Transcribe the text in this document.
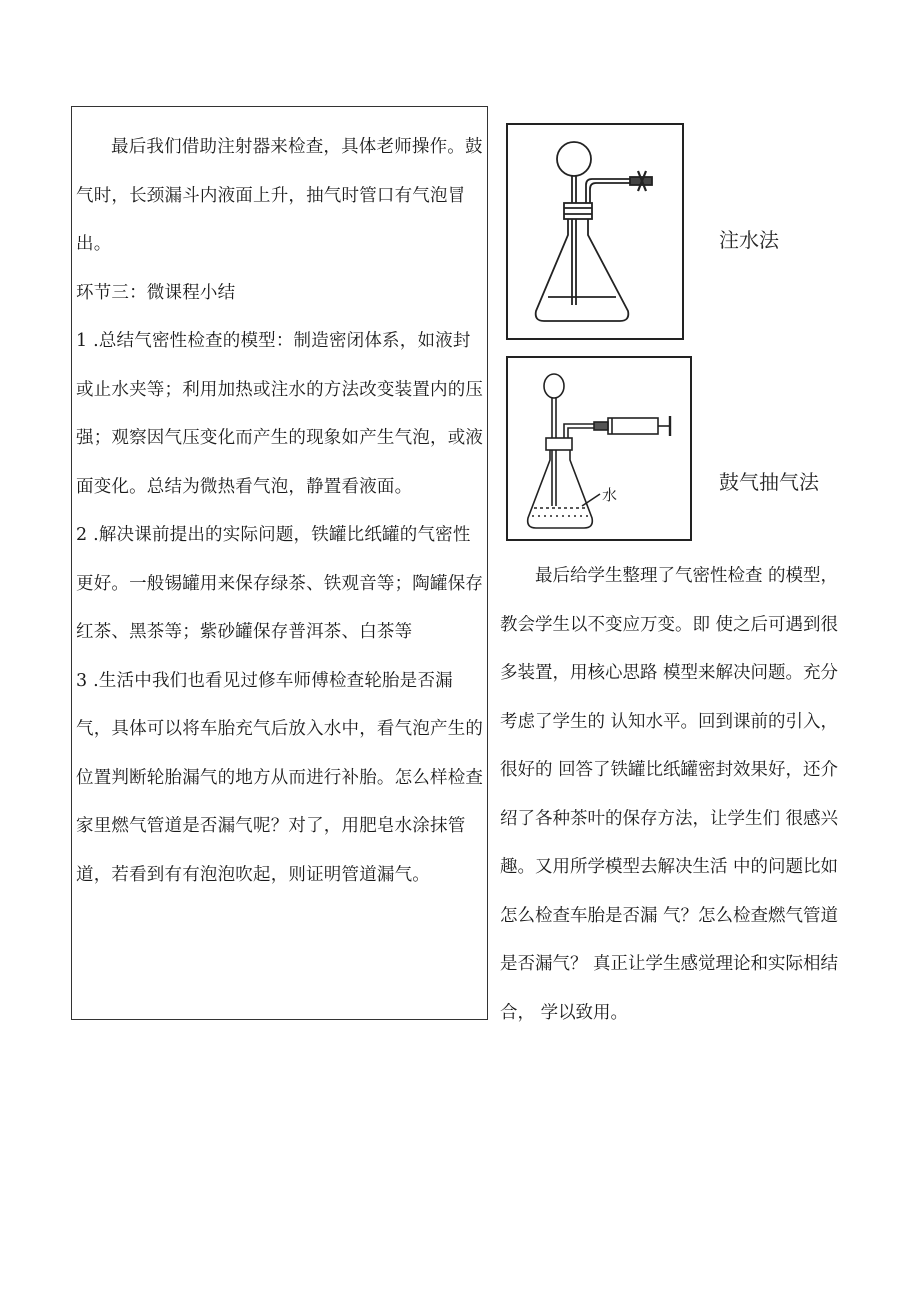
最后我们借助注射器来检查，具体老师操作。鼓气时，长颈漏斗内液面上升，抽气时管口有气泡冒出。

环节三：微课程小结

1 .总结气密性检查的模型：制造密闭体系，如液封或止水夹等；利用加热或注水的方法改变装置内的压强；观察因气压变化而产生的现象如产生气泡，或液面变化。总结为微热看气泡，静置看液面。

2 .解决课前提出的实际问题，铁罐比纸罐的气密性更好。一般锡罐用来保存绿茶、铁观音等；陶罐保存红茶、黑茶等；紫砂罐保存普洱茶、白茶等

3 .生活中我们也看见过修车师傅检查轮胎是否漏气，具体可以将车胎充气后放入水中，看气泡产生的位置判断轮胎漏气的地方从而进行补胎。怎么样检查家里燃气管道是否漏气呢？对了，用肥皂水涂抹管道，若看到有有泡泡吹起，则证明管道漏气。

注水法
水
鼓气抽气法

最后给学生整理了气密性检查 的模型，教会学生以不变应万变。即 使之后可遇到很多装置，用核心思路 模型来解决问题。充分考虑了学生的 认知水平。回到课前的引入，很好的 回答了铁罐比纸罐密封效果好，还介 绍了各种茶叶的保存方法，让学生们 很感兴趣。又用所学模型去解决生活 中的问题比如怎么检查车胎是否漏 气？怎么检查燃气管道是否漏气？ 真正让学生感觉理论和实际相结合， 学以致用。
